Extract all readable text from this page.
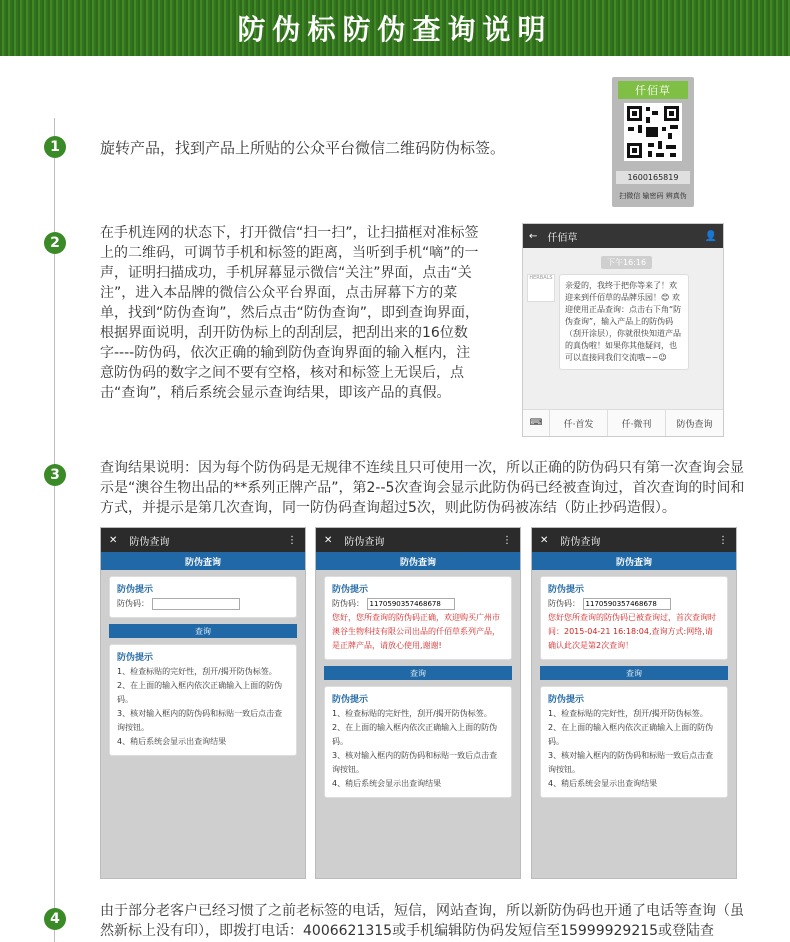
防伪标防伪查询说明
1	旋转产品，找到产品上所贴的公众平台微信二维码防伪标签。
仟佰草
1600165819
扫微信 输密码 辨真伪
2
在手机连网的状态下，打开微信“扫一扫”，让扫描框对准标签上的二维码，可调节手机和标签的距离，当听到手机“嘀”的一声，证明扫描成功，手机屏幕显示微信“关注”界面，点击“关注”，进入本品牌的微信公众平台界面，点击屏幕下方的菜单，找到“防伪查询”，然后点击“防伪查询”，即到查询界面，根据界面说明，刮开防伪标上的刮刮层，把刮出来的16位数字----防伪码，依次正确的输到防伪查询界面的输入框内，注意防伪码的数字之间不要有空格，核对和标签上无误后，点击“查询”，稍后系统会显示查询结果，即该产品的真假。
← 仟佰草	👤
下午16:16
HERBALS
亲爱的，我终于把你等来了！欢迎来到仟佰草的品牌乐园！😊 欢迎使用正品查询：点击右下角“防伪查询”，输入产品上的防伪码（刮开涂层），你就很快知道产品的真伪啦！如果你其他疑问，也可以直接同我们交流哦~~😉
⌨	仟·首发	仟·微刊	防伪查询
3	查询结果说明：因为每个防伪码是无规律不连续且只可使用一次，所以正确的防伪码只有第一次查询会显示是“澳谷生物出品的**系列正牌产品”，第2--5次查询会显示此防伪码已经被查询过，首次查询的时间和方式，并提示是第几次查询，同一防伪码查询超过5次，则此防伪码被冻结（防止抄码造假）。
✕ 防伪查询	⋮
防伪查询
防伪提示
防伪码：
查询
防伪提示
1、检查标贴的完好性，刮开/揭开防伪标签。
2、在上面的输入框内依次正确输入上面的防伪码。
3、核对输入框内的防伪码和标贴一致后点击查询按钮。
4、稍后系统会显示出查询结果
✕ 防伪查询	⋮
防伪查询
防伪提示
防伪码： 1170590357468678
您好，您所查询的防伪码正确，欢迎购买广州市澳谷生物科技有限公司出品的仟佰草系列产品，是正牌产品，请放心使用,谢谢!
查询
防伪提示
1、检查标贴的完好性，刮开/揭开防伪标签。
2、在上面的输入框内依次正确输入上面的防伪码。
3、核对输入框内的防伪码和标贴一致后点击查询按钮。
4、稍后系统会显示出查询结果
✕ 防伪查询	⋮
防伪查询
防伪提示
防伪码： 1170590357468678
您好您所查询的防伪码已被查询过，首次查询时间：2015-04-21 16:18:04,查询方式:网络,请确认此次是第2次查询！
查询
防伪提示
1、检查标贴的完好性，刮开/揭开防伪标签。
2、在上面的输入框内依次正确输入上面的防伪码。
3、核对输入框内的防伪码和标贴一致后点击查询按钮。
4、稍后系统会显示出查询结果
4	由于部分老客户已经习惯了之前老标签的电话，短信，网站查询，所以新防伪码也开通了电话等查询（虽然新标上没有印），即拨打电话：4006621315或手机编辑防伪码发短信至15999929215或登陆查
